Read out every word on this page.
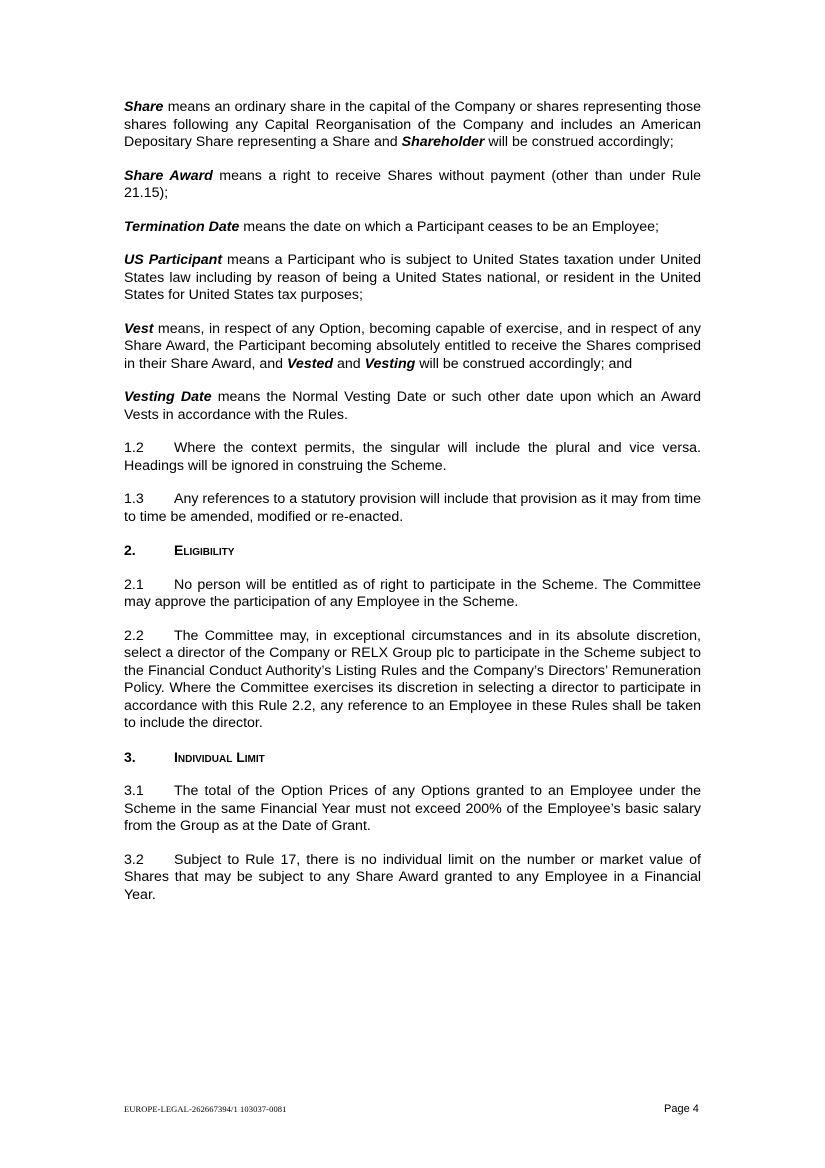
Share means an ordinary share in the capital of the Company or shares representing those shares following any Capital Reorganisation of the Company and includes an American Depositary Share representing a Share and Shareholder will be construed accordingly;

Share Award means a right to receive Shares without payment (other than under Rule 21.15);

Termination Date means the date on which a Participant ceases to be an Employee;

US Participant means a Participant who is subject to United States taxation under United States law including by reason of being a United States national, or resident in the United States for United States tax purposes;

Vest means, in respect of any Option, becoming capable of exercise, and in respect of any Share Award, the Participant becoming absolutely entitled to receive the Shares comprised in their Share Award, and Vested and Vesting will be construed accordingly; and

Vesting Date means the Normal Vesting Date or such other date upon which an Award Vests in accordance with the Rules.

1.2 Where the context permits, the singular will include the plural and vice versa. Headings will be ignored in construing the Scheme.

1.3 Any references to a statutory provision will include that provision as it may from time to time be amended, modified or re-enacted.

2.	Eligibility

2.1 No person will be entitled as of right to participate in the Scheme. The Committee may approve the participation of any Employee in the Scheme.

2.2 The Committee may, in exceptional circumstances and in its absolute discretion, select a director of the Company or RELX Group plc to participate in the Scheme subject to the Financial Conduct Authority’s Listing Rules and the Company’s Directors’ Remuneration Policy. Where the Committee exercises its discretion in selecting a director to participate in accordance with this Rule 2.2, any reference to an Employee in these Rules shall be taken to include the director.

3.	Individual Limit

3.1 The total of the Option Prices of any Options granted to an Employee under the Scheme in the same Financial Year must not exceed 200% of the Employee’s basic salary from the Group as at the Date of Grant.

3.2 Subject to Rule 17, there is no individual limit on the number or market value of Shares that may be subject to any Share Award granted to any Employee in a Financial Year.

EUROPE-LEGAL-262667394/1 103037-0081	Page 4
